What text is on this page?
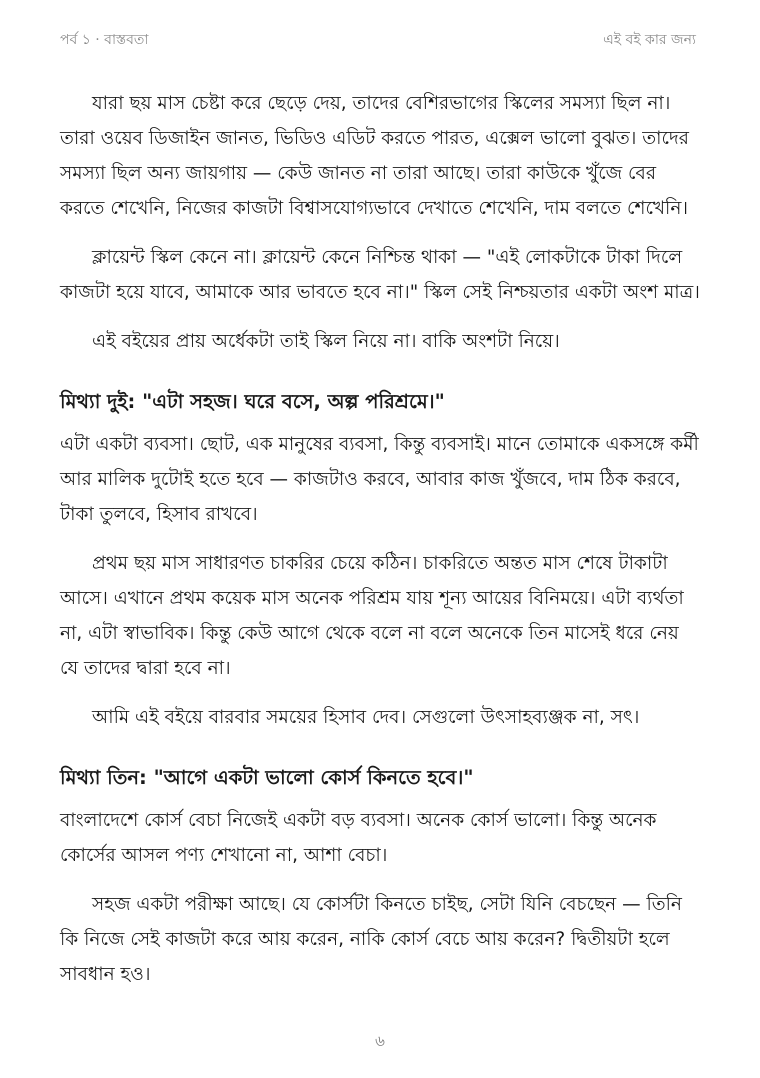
পর্ব ১ · বাস্তবতা	এই বই কার জন্য

যারা ছয় মাস চেষ্টা করে ছেড়ে দেয়, তাদের বেশিরভাগের স্কিলের সমস্যা ছিল না। তারা ওয়েব ডিজাইন জানত, ভিডিও এডিট করতে পারত, এক্সেল ভালো বুঝত। তাদের সমস্যা ছিল অন্য জায়গায় — কেউ জানত না তারা আছে। তারা কাউকে খুঁজে বের করতে শেখেনি, নিজের কাজটা বিশ্বাসযোগ্যভাবে দেখাতে শেখেনি, দাম বলতে শেখেনি।

ক্লায়েন্ট স্কিল কেনে না। ক্লায়েন্ট কেনে নিশ্চিন্ত থাকা — "এই লোকটাকে টাকা দিলে কাজটা হয়ে যাবে, আমাকে আর ভাবতে হবে না।" স্কিল সেই নিশ্চয়তার একটা অংশ মাত্র।

এই বইয়ের প্রায় অর্ধেকটা তাই স্কিল নিয়ে না। বাকি অংশটা নিয়ে।

মিথ্যা দুই: "এটা সহজ। ঘরে বসে, অল্প পরিশ্রমে।"

এটা একটা ব্যবসা। ছোট, এক মানুষের ব্যবসা, কিন্তু ব্যবসাই। মানে তোমাকে একসঙ্গে কর্মী আর মালিক দুটোই হতে হবে — কাজটাও করবে, আবার কাজ খুঁজবে, দাম ঠিক করবে, টাকা তুলবে, হিসাব রাখবে।

প্রথম ছয় মাস সাধারণত চাকরির চেয়ে কঠিন। চাকরিতে অন্তত মাস শেষে টাকাটা আসে। এখানে প্রথম কয়েক মাস অনেক পরিশ্রম যায় শূন্য আয়ের বিনিময়ে। এটা ব্যর্থতা না, এটা স্বাভাবিক। কিন্তু কেউ আগে থেকে বলে না বলে অনেকে তিন মাসেই ধরে নেয় যে তাদের দ্বারা হবে না।

আমি এই বইয়ে বারবার সময়ের হিসাব দেব। সেগুলো উৎসাহব্যঞ্জক না, সৎ।

মিথ্যা তিন: "আগে একটা ভালো কোর্স কিনতে হবে।"

বাংলাদেশে কোর্স বেচা নিজেই একটা বড় ব্যবসা। অনেক কোর্স ভালো। কিন্তু অনেক কোর্সের আসল পণ্য শেখানো না, আশা বেচা।

সহজ একটা পরীক্ষা আছে। যে কোর্সটা কিনতে চাইছ, সেটা যিনি বেচছেন — তিনি কি নিজে সেই কাজটা করে আয় করেন, নাকি কোর্স বেচে আয় করেন? দ্বিতীয়টা হলে সাবধান হও।

৬
